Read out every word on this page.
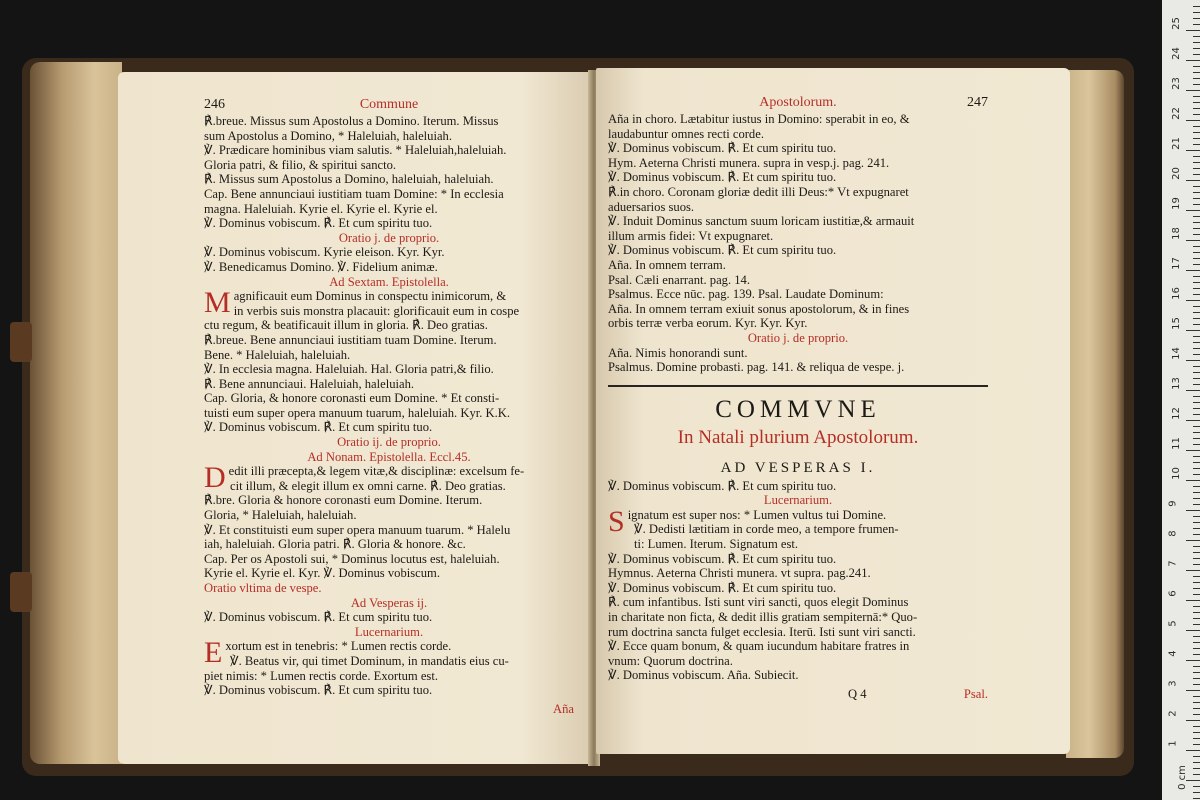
246	Commune
℟.breue. Missus sum Apostolus a Domino. Iterum. Missus
sum Apostolus a Domino, * Haleluiah, haleluiah.
℣. Prædicare hominibus viam salutis. * Haleluiah,haleluiah.
Gloria patri, & filio, & spiritui sancto.
℟. Missus sum Apostolus a Domino, haleluiah, haleluiah.
Cap. Bene annunciaui iustitiam tuam Domine: * In ecclesia
magna. Haleluiah. Kyrie el. Kyrie el. Kyrie el.
℣. Dominus vobiscum. ℟. Et cum spiritu tuo.
Oratio j. de proprio.
℣. Dominus vobiscum. Kyrie eleison. Kyr. Kyr.
℣. Benedicamus Domino. ℣. Fidelium animæ.
Ad Sextam. Epistolella.
Magnificauit eum Dominus in conspectu inimicorum, &
in verbis suis monstra placauit: glorificauit eum in cospe
ctu regum, & beatificauit illum in gloria. ℟. Deo gratias.
℟.breue. Bene annunciaui iustitiam tuam Domine. Iterum.
Bene. * Haleluiah, haleluiah.
℣. In ecclesia magna. Haleluiah. Hal. Gloria patri,& filio.
℟. Bene annunciaui. Haleluiah, haleluiah.
Cap. Gloria, & honore coronasti eum Domine. * Et consti-
tuisti eum super opera manuum tuarum, haleluiah. Kyr. K.K.
℣. Dominus vobiscum. ℟. Et cum spiritu tuo.
Oratio ij. de proprio.
Ad Nonam. Epistolella. Eccl.45.
Dedit illi præcepta,& legem vitæ,& disciplinæ: excelsum fe-
cit illum, & elegit illum ex omni carne. ℟. Deo gratias.
℟.bre. Gloria & honore coronasti eum Domine. Iterum.
Gloria, * Haleluiah, haleluiah.
℣. Et constituisti eum super opera manuum tuarum. * Halelu
iah, haleluiah. Gloria patri. ℟. Gloria & honore. &c.
Cap. Per os Apostoli sui, * Dominus locutus est, haleluiah.
Kyrie el. Kyrie el. Kyr. ℣. Dominus vobiscum.
Oratio vltima de vespe.
Ad Vesperas ij.
℣. Dominus vobiscum. ℟. Et cum spiritu tuo.
Lucernarium.
Exortum est in tenebris: * Lumen rectis corde.
℣. Beatus vir, qui timet Dominum, in mandatis eius cu-
piet nimis: * Lumen rectis corde. Exortum est.
℣. Dominus vobiscum. ℟. Et cum spiritu tuo.
Aña
Apostolorum.	247
Aña in choro. Lætabitur iustus in Domino: sperabit in eo, &
laudabuntur omnes recti corde.
℣. Dominus vobiscum. ℟. Et cum spiritu tuo.
Hym. Aeterna Christi munera. supra in vesp.j. pag. 241.
℣. Dominus vobiscum. ℟. Et cum spiritu tuo.
℟.in choro. Coronam gloriæ dedit illi Deus:* Vt expugnaret
aduersarios suos.
℣. Induit Dominus sanctum suum loricam iustitiæ,& armauit
illum armis fidei: Vt expugnaret.
℣. Dominus vobiscum. ℟. Et cum spiritu tuo.
Aña. In omnem terram.
Psal. Cæli enarrant. pag. 14.
Psalmus. Ecce nūc. pag. 139. Psal. Laudate Dominum:
Aña. In omnem terram exiuit sonus apostolorum, & in fines
orbis terræ verba eorum. Kyr. Kyr. Kyr.
Oratio j. de proprio.
Aña. Nimis honorandi sunt.
Psalmus. Domine probasti. pag. 141. & reliqua de vespe. j.
COMMVNE
In Natali plurium Apostolorum.
AD VESPERAS I.
℣. Dominus vobiscum. ℟. Et cum spiritu tuo.
Lucernarium.
Signatum est super nos: * Lumen vultus tui Domine.
℣. Dedisti lætitiam in corde meo, a tempore frumen-
ti: Lumen. Iterum. Signatum est.
℣. Dominus vobiscum. ℟. Et cum spiritu tuo.
Hymnus. Aeterna Christi munera. vt supra. pag.241.
℣. Dominus vobiscum. ℟. Et cum spiritu tuo.
℟. cum infantibus. Isti sunt viri sancti, quos elegit Dominus
in charitate non ficta, & dedit illis gratiam sempiternā:* Quo-
rum doctrina sancta fulget ecclesia. Iterū. Isti sunt viri sancti.
℣. Ecce quam bonum, & quam iucundum habitare fratres in
vnum: Quorum doctrina.
℣. Dominus vobiscum. Aña. Subiecit.
Q 4	Psal.
25
24
23
22
21
20
19
18
17
16
15
14
13
12
11
10
9
8
7
6
5
4
3
2
1
0 cm
